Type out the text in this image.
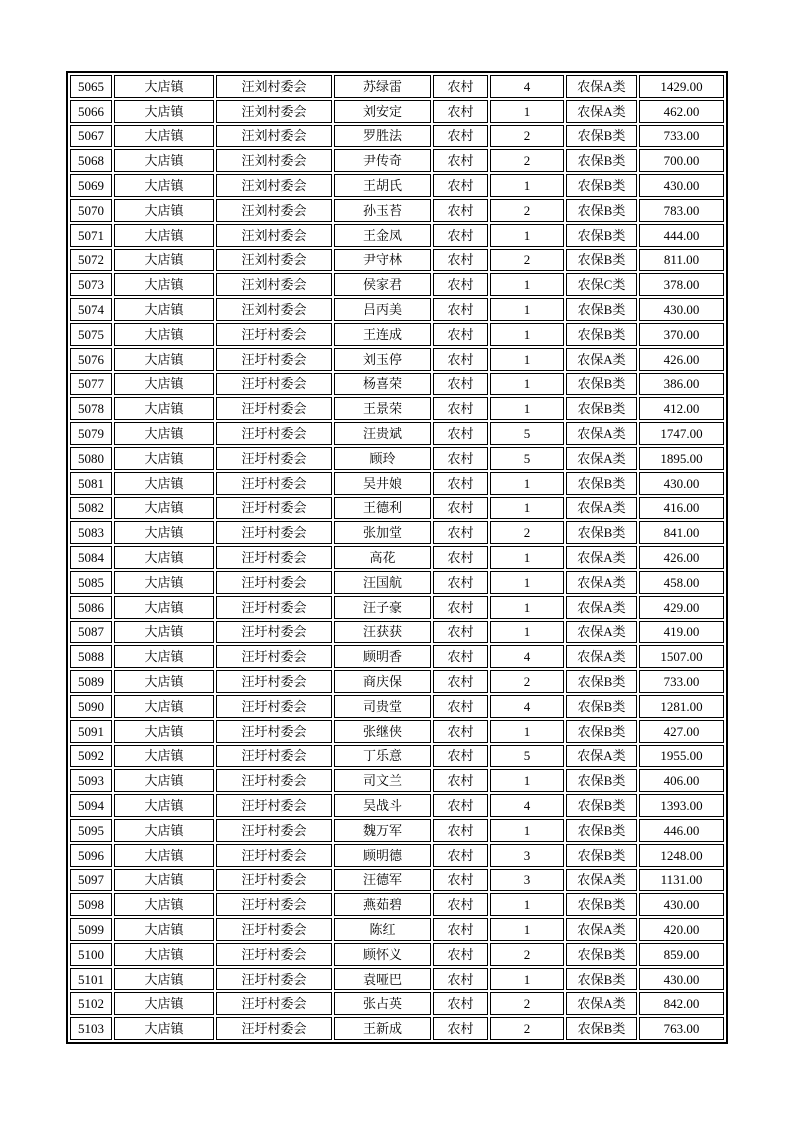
5065	大店镇	汪刘村委会	苏绿雷	农村	4	农保A类	1429.00
5066	大店镇	汪刘村委会	刘安定	农村	1	农保A类	462.00
5067	大店镇	汪刘村委会	罗胜法	农村	2	农保B类	733.00
5068	大店镇	汪刘村委会	尹传奇	农村	2	农保B类	700.00
5069	大店镇	汪刘村委会	王胡氏	农村	1	农保B类	430.00
5070	大店镇	汪刘村委会	孙玉苔	农村	2	农保B类	783.00
5071	大店镇	汪刘村委会	王金凤	农村	1	农保B类	444.00
5072	大店镇	汪刘村委会	尹守林	农村	2	农保B类	811.00
5073	大店镇	汪刘村委会	侯家君	农村	1	农保C类	378.00
5074	大店镇	汪刘村委会	吕丙美	农村	1	农保B类	430.00
5075	大店镇	汪圩村委会	王连成	农村	1	农保B类	370.00
5076	大店镇	汪圩村委会	刘玉停	农村	1	农保A类	426.00
5077	大店镇	汪圩村委会	杨喜荣	农村	1	农保B类	386.00
5078	大店镇	汪圩村委会	王景荣	农村	1	农保B类	412.00
5079	大店镇	汪圩村委会	汪贵斌	农村	5	农保A类	1747.00
5080	大店镇	汪圩村委会	顾玲	农村	5	农保A类	1895.00
5081	大店镇	汪圩村委会	吴井娘	农村	1	农保B类	430.00
5082	大店镇	汪圩村委会	王德利	农村	1	农保A类	416.00
5083	大店镇	汪圩村委会	张加堂	农村	2	农保B类	841.00
5084	大店镇	汪圩村委会	高花	农村	1	农保A类	426.00
5085	大店镇	汪圩村委会	汪国航	农村	1	农保A类	458.00
5086	大店镇	汪圩村委会	汪子豪	农村	1	农保A类	429.00
5087	大店镇	汪圩村委会	汪获获	农村	1	农保A类	419.00
5088	大店镇	汪圩村委会	顾明香	农村	4	农保A类	1507.00
5089	大店镇	汪圩村委会	商庆保	农村	2	农保B类	733.00
5090	大店镇	汪圩村委会	司贵堂	农村	4	农保B类	1281.00
5091	大店镇	汪圩村委会	张继侠	农村	1	农保B类	427.00
5092	大店镇	汪圩村委会	丁乐意	农村	5	农保A类	1955.00
5093	大店镇	汪圩村委会	司文兰	农村	1	农保B类	406.00
5094	大店镇	汪圩村委会	吴战斗	农村	4	农保B类	1393.00
5095	大店镇	汪圩村委会	魏万军	农村	1	农保B类	446.00
5096	大店镇	汪圩村委会	顾明德	农村	3	农保B类	1248.00
5097	大店镇	汪圩村委会	汪德军	农村	3	农保A类	1131.00
5098	大店镇	汪圩村委会	燕茹碧	农村	1	农保B类	430.00
5099	大店镇	汪圩村委会	陈红	农村	1	农保A类	420.00
5100	大店镇	汪圩村委会	顾怀义	农村	2	农保B类	859.00
5101	大店镇	汪圩村委会	袁哑巴	农村	1	农保B类	430.00
5102	大店镇	汪圩村委会	张占英	农村	2	农保A类	842.00
5103	大店镇	汪圩村委会	王新成	农村	2	农保B类	763.00
